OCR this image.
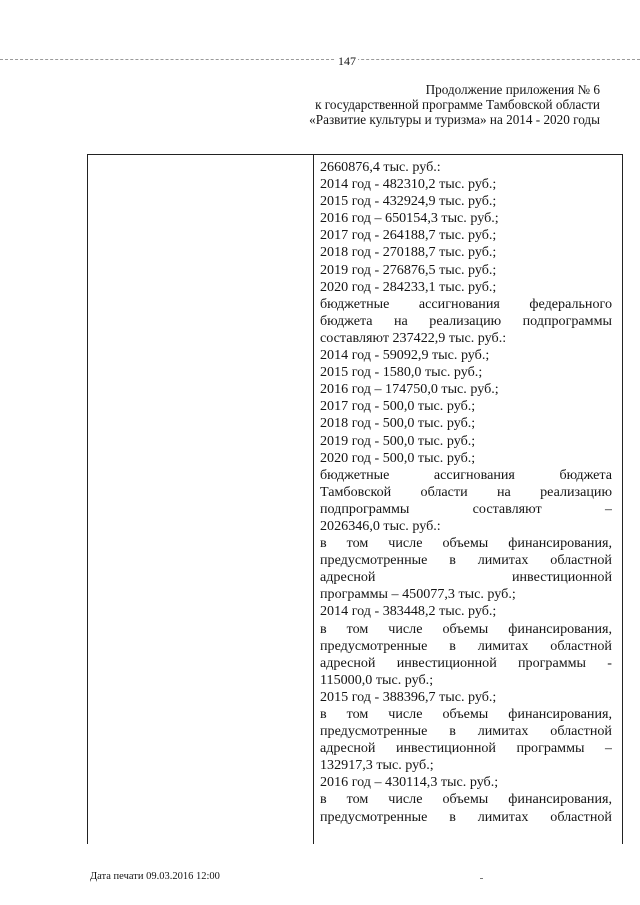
147
Продолжение приложения № 6
к государственной программе Тамбовской области
«Развитие культуры и туризма» на 2014 - 2020 годы
2660876,4 тыс. руб.:
2014 год - 482310,2 тыс. руб.;
2015 год - 432924,9 тыс. руб.;
2016 год – 650154,3 тыс. руб.;
2017 год - 264188,7 тыс. руб.;
2018 год - 270188,7 тыс. руб.;
2019 год - 276876,5 тыс. руб.;
2020 год - 284233,1 тыс. руб.;
бюджетные ассигнования федерального
бюджета на реализацию подпрограммы
составляют 237422,9 тыс. руб.:
2014 год - 59092,9 тыс. руб.;
2015 год - 1580,0 тыс. руб.;
2016 год – 174750,0 тыс. руб.;
2017 год - 500,0 тыс. руб.;
2018 год - 500,0 тыс. руб.;
2019 год - 500,0 тыс. руб.;
2020 год - 500,0 тыс. руб.;
бюджетные	ассигнования	бюджета
Тамбовской области на реализацию
подпрограммы	составляют	–
2026346,0 тыс. руб.:
в том числе объемы финансирования,
предусмотренные в лимитах областной
адресной	инвестиционной
программы – 450077,3 тыс. руб.;
2014 год - 383448,2 тыс. руб.;
в том числе объемы финансирования,
предусмотренные в лимитах областной
адресной инвестиционной программы -
115000,0 тыс. руб.;
2015 год - 388396,7 тыс. руб.;
в том числе объемы финансирования,
предусмотренные в лимитах областной
адресной инвестиционной программы –
132917,3 тыс. руб.;
2016 год – 430114,3 тыс. руб.;
в том числе объемы финансирования,
предусмотренные в лимитах областной
Дата печати 09.03.2016 12:00
